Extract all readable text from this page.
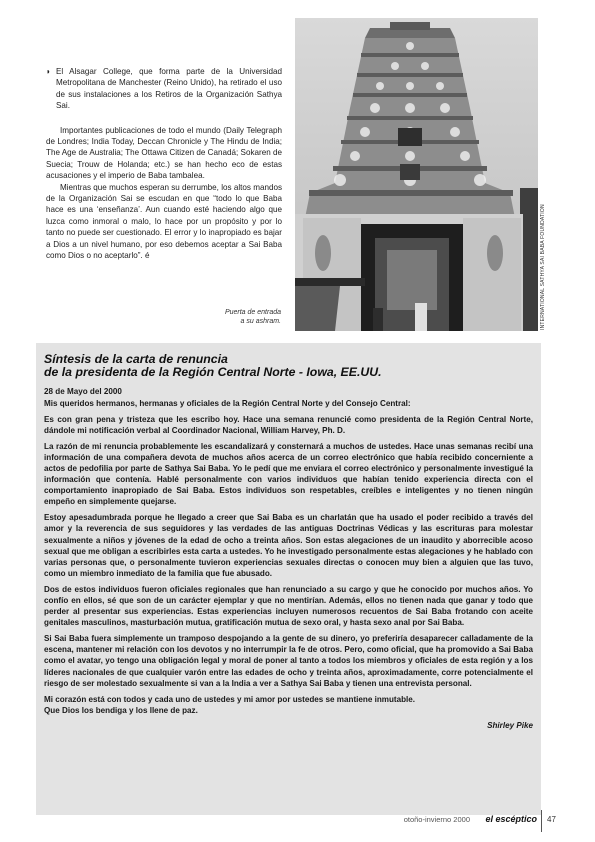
◗ El Alsagar College, que forma parte de la Universidad Metropolitana de Manchester (Reino Unido), ha retirado el uso de sus instalaciones a los Retiros de la Organización Sathya Sai.

Importantes publicaciones de todo el mundo (Daily Telegraph de Londres; India Today, Deccan Chronicle y The Hindu de India; The Age de Australia; The Ottawa Citizen de Canadá; Sokaren de Suecia; Trouw de Holanda; etc.) se han hecho eco de estas acusaciones y el imperio de Baba tambalea.

Mientras que muchos esperan su derrumbe, los altos mandos de la Organización Sai se escudan en que “todo lo que Baba hace es una ‘enseñanza’. Aun cuando esté haciendo algo que luzca como inmoral o malo, lo hace por un propósito y por lo tanto no puede ser cuestionado. El error y lo inapropiado es bajar a Dios a un nivel humano, por eso debemos aceptar a Sai Baba como Dios o no aceptarlo”. é

Puerta de entrada
a su ashram.	INTERNATIONAL SATHYA SAI BABA FOUNDATION
Síntesis de la carta de renuncia
de la presidenta de la Región Central Norte - Iowa, EE.UU.

28 de Mayo del 2000

Mis queridos hermanos, hermanas y oficiales de la Región Central Norte y del Consejo Central:

Es con gran pena y tristeza que les escribo hoy. Hace una semana renuncié como presidenta de la Región Central Norte, dándole mi notificación verbal al Coordinador Nacional, William Harvey, Ph. D.

La razón de mi renuncia probablemente les escandalizará y consternará a muchos de ustedes. Hace unas semanas recibí una información de una compañera devota de muchos años acerca de un correo electrónico que había recibido concerniente a actos de pedofilia por parte de Sathya Sai Baba. Yo le pedí que me enviara el correo electrónico y personalmente investigué la información que contenía. Hablé personalmente con varios individuos que habían tenido experiencia directa con el comportamiento inapropiado de Sai Baba. Estos individuos son respetables, creíbles e inteligentes y no tienen ningún empeño en simplemente quejarse.

Estoy apesadumbrada porque he llegado a creer que Sai Baba es un charlatán que ha usado el poder recibido a través del amor y la reverencia de sus seguidores y las verdades de las antiguas Doctrinas Védicas y las escrituras para molestar sexualmente a niños y jóvenes de la edad de ocho a treinta años. Son estas alegaciones de un inaudito y aborrecible acoso sexual que me obligan a escribirles esta carta a ustedes. Yo he investigado personalmente estas alegaciones y he hablado con varias personas que, o personalmente tuvieron experiencias sexuales directas o conocen muy bien a alguien que las tuvo, como un miembro inmediato de la familia que fue abusado.

Dos de estos individuos fueron oficiales regionales que han renunciado a su cargo y que he conocido por muchos años. Yo confío en ellos, sé que son de un carácter ejemplar y que no mentirían. Además, ellos no tienen nada que ganar y todo que perder al presentar sus experiencias. Estas experiencias incluyen numerosos recuentos de Sai Baba frotando con aceite genitales masculinos, masturbación mutua, gratificación mutua de sexo oral, y hasta sexo anal por Sai Baba.

Si Sai Baba fuera simplemente un tramposo despojando a la gente de su dinero, yo preferiría desaparecer calladamente de la escena, mantener mi relación con los devotos y no interrumpir la fe de otros. Pero, como oficial, que ha promovido a Sai Baba como el avatar, yo tengo una obligación legal y moral de poner al tanto a todos los miembros y oficiales de esta región y a los líderes nacionales de que cualquier varón entre las edades de ocho y treinta años, aproximadamente, corre potencialmente el riesgo de ser molestado sexualmente si van a la India a ver a Sathya Sai Baba y tienen una entrevista personal.

Mi corazón está con todos y cada uno de ustedes y mi amor por ustedes se mantiene inmutable.

Que Dios los bendiga y los llene de paz.

Shirley Pike
otoño-invierno 2000 el escéptico 47
